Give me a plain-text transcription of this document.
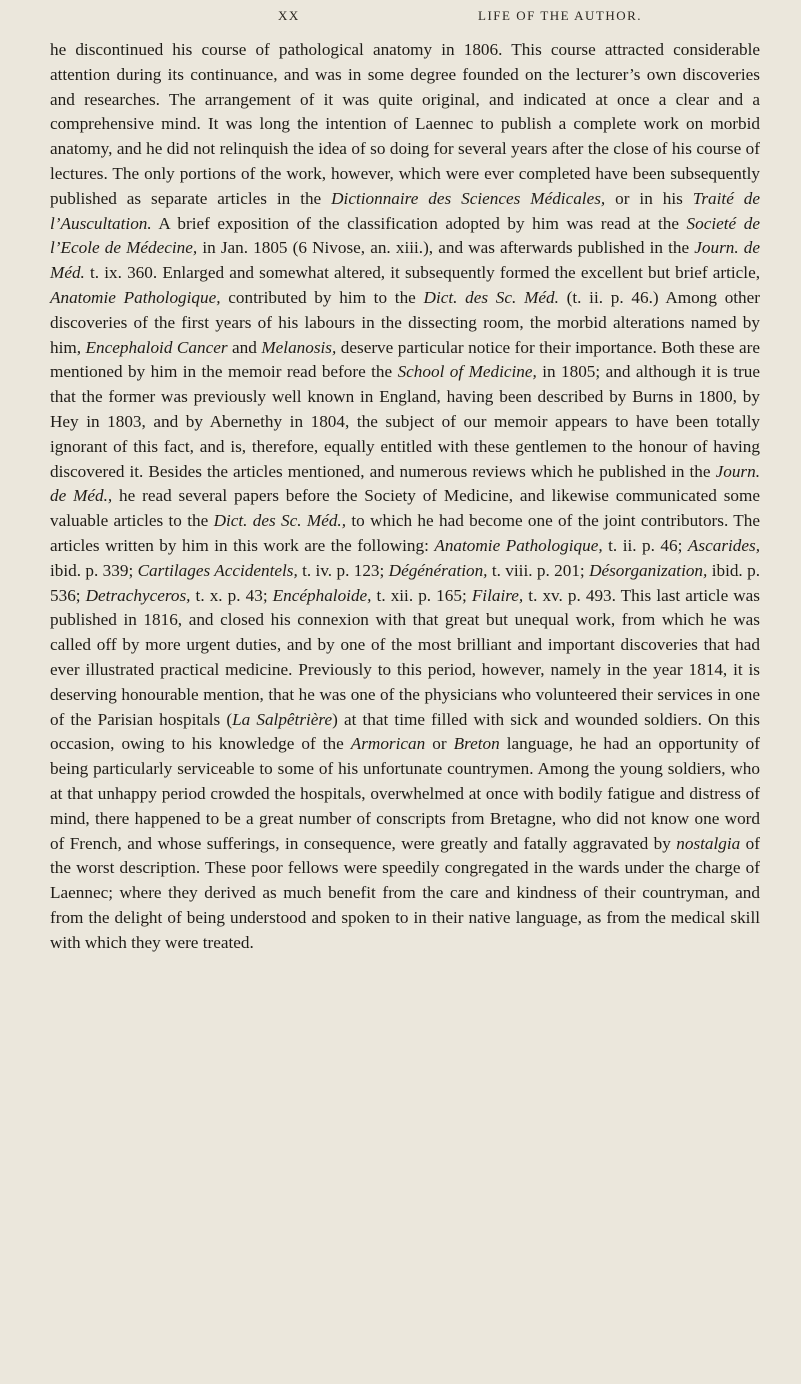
XX	LIFE OF THE AUTHOR.

he discontinued his course of pathological anatomy in 1806. This course attracted considerable attention during its continuance, and was in some degree founded on the lecturer’s own discoveries and researches. The arrangement of it was quite original, and indicated at once a clear and a comprehensive mind. It was long the intention of Laennec to publish a complete work on morbid anatomy, and he did not relinquish the idea of so doing for several years after the close of his course of lectures. The only portions of the work, however, which were ever completed have been subsequently published as separate articles in the Dictionnaire des Sciences Médicales, or in his Traité de l’Auscultation. A brief exposition of the classification adopted by him was read at the Societé de l’Ecole de Médecine, in Jan. 1805 (6 Nivose, an. xiii.), and was afterwards published in the Journ. de Méd. t. ix. 360. Enlarged and somewhat altered, it subsequently formed the excellent but brief article, Anatomie Pathologique, contributed by him to the Dict. des Sc. Méd. (t. ii. p. 46.) Among other discoveries of the first years of his labours in the dissecting room, the morbid alterations named by him, Encephaloid Cancer and Melanosis, deserve particular notice for their importance. Both these are mentioned by him in the memoir read before the School of Medicine, in 1805; and although it is true that the former was previously well known in England, having been described by Burns in 1800, by Hey in 1803, and by Abernethy in 1804, the subject of our memoir appears to have been totally ignorant of this fact, and is, therefore, equally entitled with these gentlemen to the honour of having discovered it. Besides the articles mentioned, and numerous reviews which he published in the Journ. de Méd., he read several papers before the Society of Medicine, and likewise communicated some valuable articles to the Dict. des Sc. Méd., to which he had become one of the joint contributors. The articles written by him in this work are the following: Anatomie Pathologique, t. ii. p. 46; Ascarides, ibid. p. 339; Cartilages Accidentels, t. iv. p. 123; Dégénération, t. viii. p. 201; Désorganization, ibid. p. 536; Detrachyceros, t. x. p. 43; Encéphaloide, t. xii. p. 165; Filaire, t. xv. p. 493. This last article was published in 1816, and closed his connexion with that great but unequal work, from which he was called off by more urgent duties, and by one of the most brilliant and important discoveries that had ever illustrated practical medicine. Previously to this period, however, namely in the year 1814, it is deserving honourable mention, that he was one of the physicians who volunteered their services in one of the Parisian hospitals (La Salpêtrière) at that time filled with sick and wounded soldiers. On this occasion, owing to his knowledge of the Armorican or Breton language, he had an opportunity of being particularly serviceable to some of his unfortunate countrymen. Among the young soldiers, who at that unhappy period crowded the hospitals, overwhelmed at once with bodily fatigue and distress of mind, there happened to be a great number of conscripts from Bretagne, who did not know one word of French, and whose sufferings, in consequence, were greatly and fatally aggravated by nostalgia of the worst description. These poor fellows were speedily congregated in the wards under the charge of Laennec; where they derived as much benefit from the care and kindness of their countryman, and from the delight of being understood and spoken to in their native language, as from the medical skill with which they were treated.
